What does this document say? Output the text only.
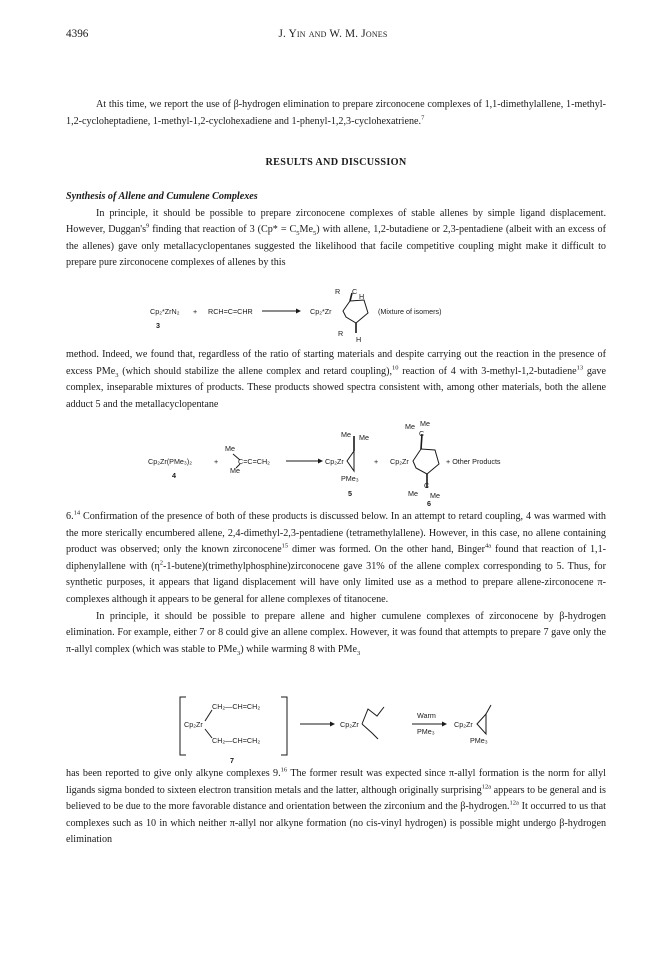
4396	J. Yin and W. M. Jones

At this time, we report the use of β-hydrogen elimination to prepare zirconocene complexes of 1,1-dimethylallene, 1-methyl-1,2-cycloheptadiene, 1-methyl-1,2-cyclohexadiene and 1-phenyl-1,2,3-cyclohexatriene.$^7$

RESULTS AND DISCUSSION

Synthesis of Allene and Cumulene Complexes

In principle, it should be possible to prepare zirconocene complexes of stable allenes by simple ligand displacement. However, $Duggan's^9$ finding that reaction of 3 $(Cp* = C_5Me_5)$ with allene, 1,2-butadiene or 2,3-pentadiene (albeit with an excess of the allenes) gave only metallacyclopentanes suggested the likelihood that facile competitive coupling might make it difficult to prepare pure zirconocene complexes of allenes by this

Cp₂*ZrN₂
3
+ RCH=C=CHR	Cp₂*Zr
R C
H
R
H
(Mixture of isomers)

method. Indeed, we found that, regardless of the ratio of starting materials and despite carrying out the reaction in the presence of excess PMe$_3$ (which should stabilize the allene complex and retard coupling),$^{10}$ reaction of 4 with 3-methyl-1,2-butadiene$^{13}$ gave complex, inseparable mixtures of products. These products showed spectra consistent with, among other materials, both the allene adduct 5 and the metallacyclopentane

Cp₂Zr(PMe₃)₂
4
+
Me
Me
C=C=CH₂	Cp₂Zr
Me Me
PMe₃
5
+ Cp₂Zr
Me Me
C
C
Me Me
6
+ Other Products

6.14 Confirmation of the presence of both of these products is discussed below. In an attempt to retard coupling, 4 was warmed with the more sterically encumbered allene, 2,4-dimethyl-2,3-pentadiene (tetramethylallene). However, in this case, no allene containing product was observed; only the known zirconocene$^{15}$ dimer was formed. On the other hand, Binger$^{4a}$ found that reaction of 1,1-diphenylallene with $(\eta^2-1-butene)(trimethylphosphine)zirconocene$ gave 31% of the allene complex corresponding to 5. Thus, for synthetic purposes, it appears that ligand displacement will have only limited use as a method to prepare allene-zirconocene π-complexes although it appears to be general for allene complexes of titanocene.

In principle, it should be possible to prepare allene and higher cumulene complexes of zirconocene by β-hydrogen elimination. For example, either 7 or 8 could give an allene complex. However, it was found that attempts to prepare 7 gave only the π-allyl complex (which was stable to PMe$_3$) while warming 8 with PMe$_3$

CH₂—CH=CH₂
Cp₂Zr
CH₂—CH=CH₂
7
Cp₂Zr
Warm
PMe₃
Cp₂Zr
PMe₃

has been reported to give only alkyne complexes 9.16 The former result was expected since π-allyl formation is the norm for allyl ligands sigma bonded to sixteen electron transition metals and the latter, although originally surprising$^{12a}$ appears to be general and is believed to be due to the more favorable distance and orientation between the zirconium and the β-hydrogen.$^{12a}$ It occurred to us that complexes such as 10 in which neither π-allyl nor alkyne formation (no cis-vinyl hydrogen) is possible might undergo β-hydrogen elimination
